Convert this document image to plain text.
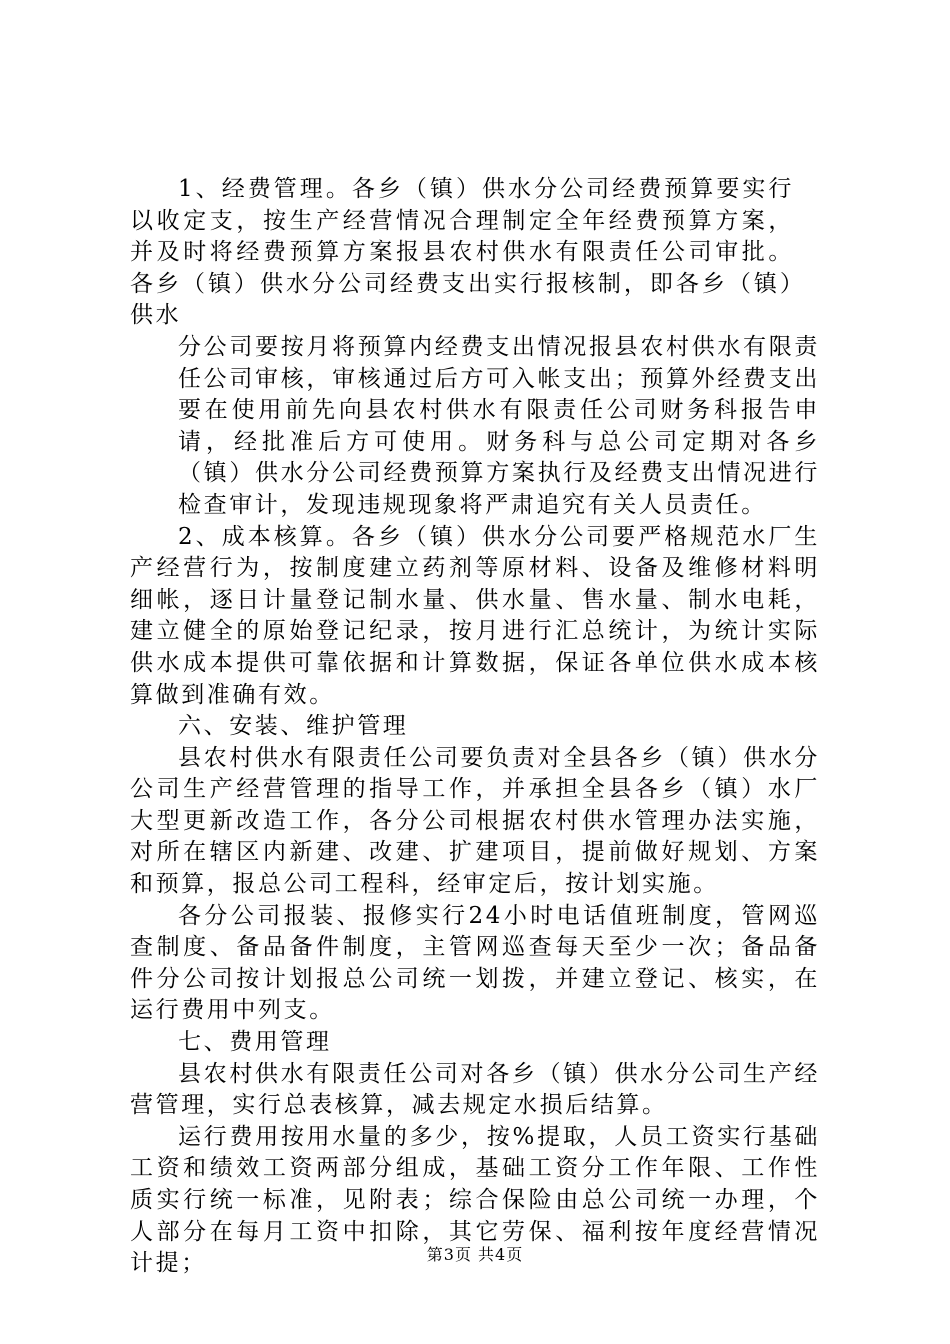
1、经费管理。各乡（镇）供水分公司经费预算要实行以收定支，按生产经营情况合理制定全年经费预算方案，并及时将经费预算方案报县农村供水有限责任公司审批。各乡（镇）供水分公司经费支出实行报核制，即各乡（镇）供水

分公司要按月将预算内经费支出情况报县农村供水有限责任公司审核，审核通过后方可入帐支出；预算外经费支出要在使用前先向县农村供水有限责任公司财务科报告申请，经批准后方可使用。财务科与总公司定期对各乡（镇）供水分公司经费预算方案执行及经费支出情况进行检查审计，发现违规现象将严肃追究有关人员责任。

2、成本核算。各乡（镇）供水分公司要严格规范水厂生产经营行为，按制度建立药剂等原材料、设备及维修材料明细帐，逐日计量登记制水量、供水量、售水量、制水电耗，建立健全的原始登记纪录，按月进行汇总统计，为统计实际供水成本提供可靠依据和计算数据，保证各单位供水成本核算做到准确有效。

六、安装、维护管理

县农村供水有限责任公司要负责对全县各乡（镇）供水分公司生产经营管理的指导工作，并承担全县各乡（镇）水厂大型更新改造工作，各分公司根据农村供水管理办法实施，对所在辖区内新建、改建、扩建项目，提前做好规划、方案和预算，报总公司工程科，经审定后，按计划实施。

各分公司报装、报修实行24小时电话值班制度，管网巡查制度、备品备件制度，主管网巡查每天至少一次；备品备件分公司按计划报总公司统一划拨，并建立登记、核实，在运行费用中列支。

七、费用管理

县农村供水有限责任公司对各乡（镇）供水分公司生产经营管理，实行总表核算，减去规定水损后结算。

运行费用按用水量的多少，按%提取，人员工资实行基础工资和绩效工资两部分组成，基础工资分工作年限、工作性质实行统一标准，见附表；综合保险由总公司统一办理，个人部分在每月工资中扣除，其它劳保、福利按年度经营情况计提；	第3页 共4页
